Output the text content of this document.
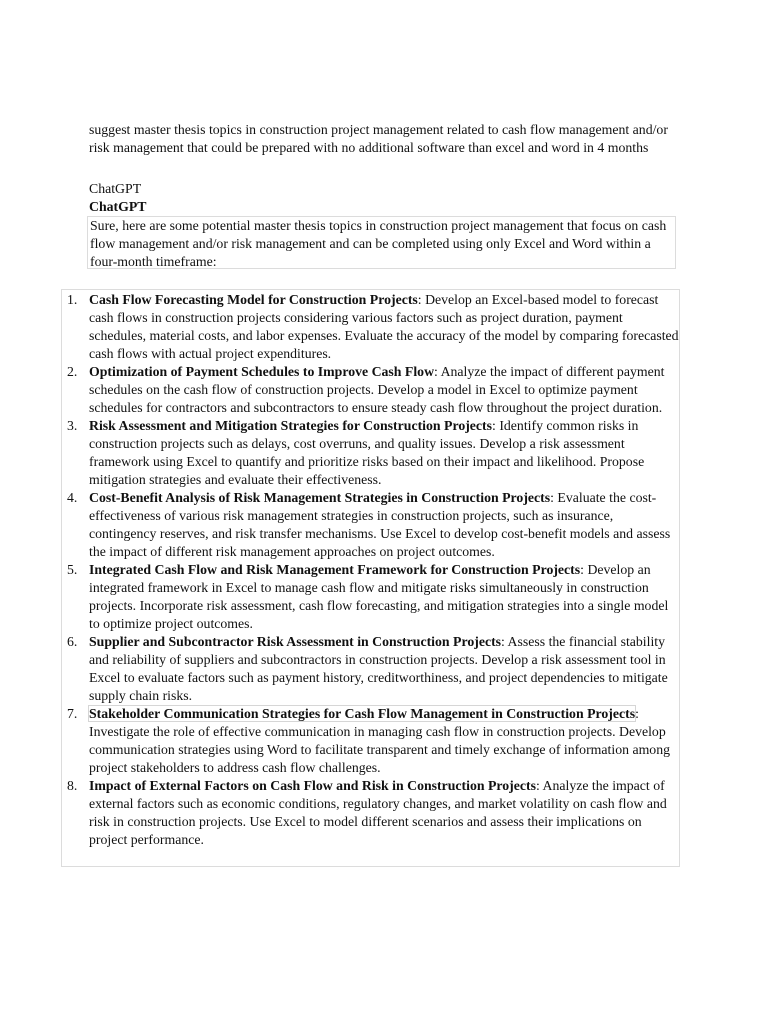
suggest master thesis topics in construction project management related to cash flow management and/or risk management that could be prepared with no additional software than excel and word in 4 months

ChatGPT

ChatGPT

Sure, here are some potential master thesis topics in construction project management that focus on cash flow management and/or risk management and can be completed using only Excel and Word within a four-month timeframe:

1. Cash Flow Forecasting Model for Construction Projects: Develop an Excel-based model to forecast cash flows in construction projects considering various factors such as project duration, payment schedules, material costs, and labor expenses. Evaluate the accuracy of the model by comparing forecasted cash flows with actual project expenditures.
2. Optimization of Payment Schedules to Improve Cash Flow: Analyze the impact of different payment schedules on the cash flow of construction projects. Develop a model in Excel to optimize payment schedules for contractors and subcontractors to ensure steady cash flow throughout the project duration.
3. Risk Assessment and Mitigation Strategies for Construction Projects: Identify common risks in construction projects such as delays, cost overruns, and quality issues. Develop a risk assessment framework using Excel to quantify and prioritize risks based on their impact and likelihood. Propose mitigation strategies and evaluate their effectiveness.
4. Cost-Benefit Analysis of Risk Management Strategies in Construction Projects: Evaluate the cost-effectiveness of various risk management strategies in construction projects, such as insurance, contingency reserves, and risk transfer mechanisms. Use Excel to develop cost-benefit models and assess the impact of different risk management approaches on project outcomes.
5. Integrated Cash Flow and Risk Management Framework for Construction Projects: Develop an integrated framework in Excel to manage cash flow and mitigate risks simultaneously in construction projects. Incorporate risk assessment, cash flow forecasting, and mitigation strategies into a single model to optimize project outcomes.
6. Supplier and Subcontractor Risk Assessment in Construction Projects: Assess the financial stability and reliability of suppliers and subcontractors in construction projects. Develop a risk assessment tool in Excel to evaluate factors such as payment history, creditworthiness, and project dependencies to mitigate supply chain risks.
7. Stakeholder Communication Strategies for Cash Flow Management in Construction Projects: Investigate the role of effective communication in managing cash flow in construction projects. Develop communication strategies using Word to facilitate transparent and timely exchange of information among project stakeholders to address cash flow challenges.
8. Impact of External Factors on Cash Flow and Risk in Construction Projects: Analyze the impact of external factors such as economic conditions, regulatory changes, and market volatility on cash flow and risk in construction projects. Use Excel to model different scenarios and assess their implications on project performance.
